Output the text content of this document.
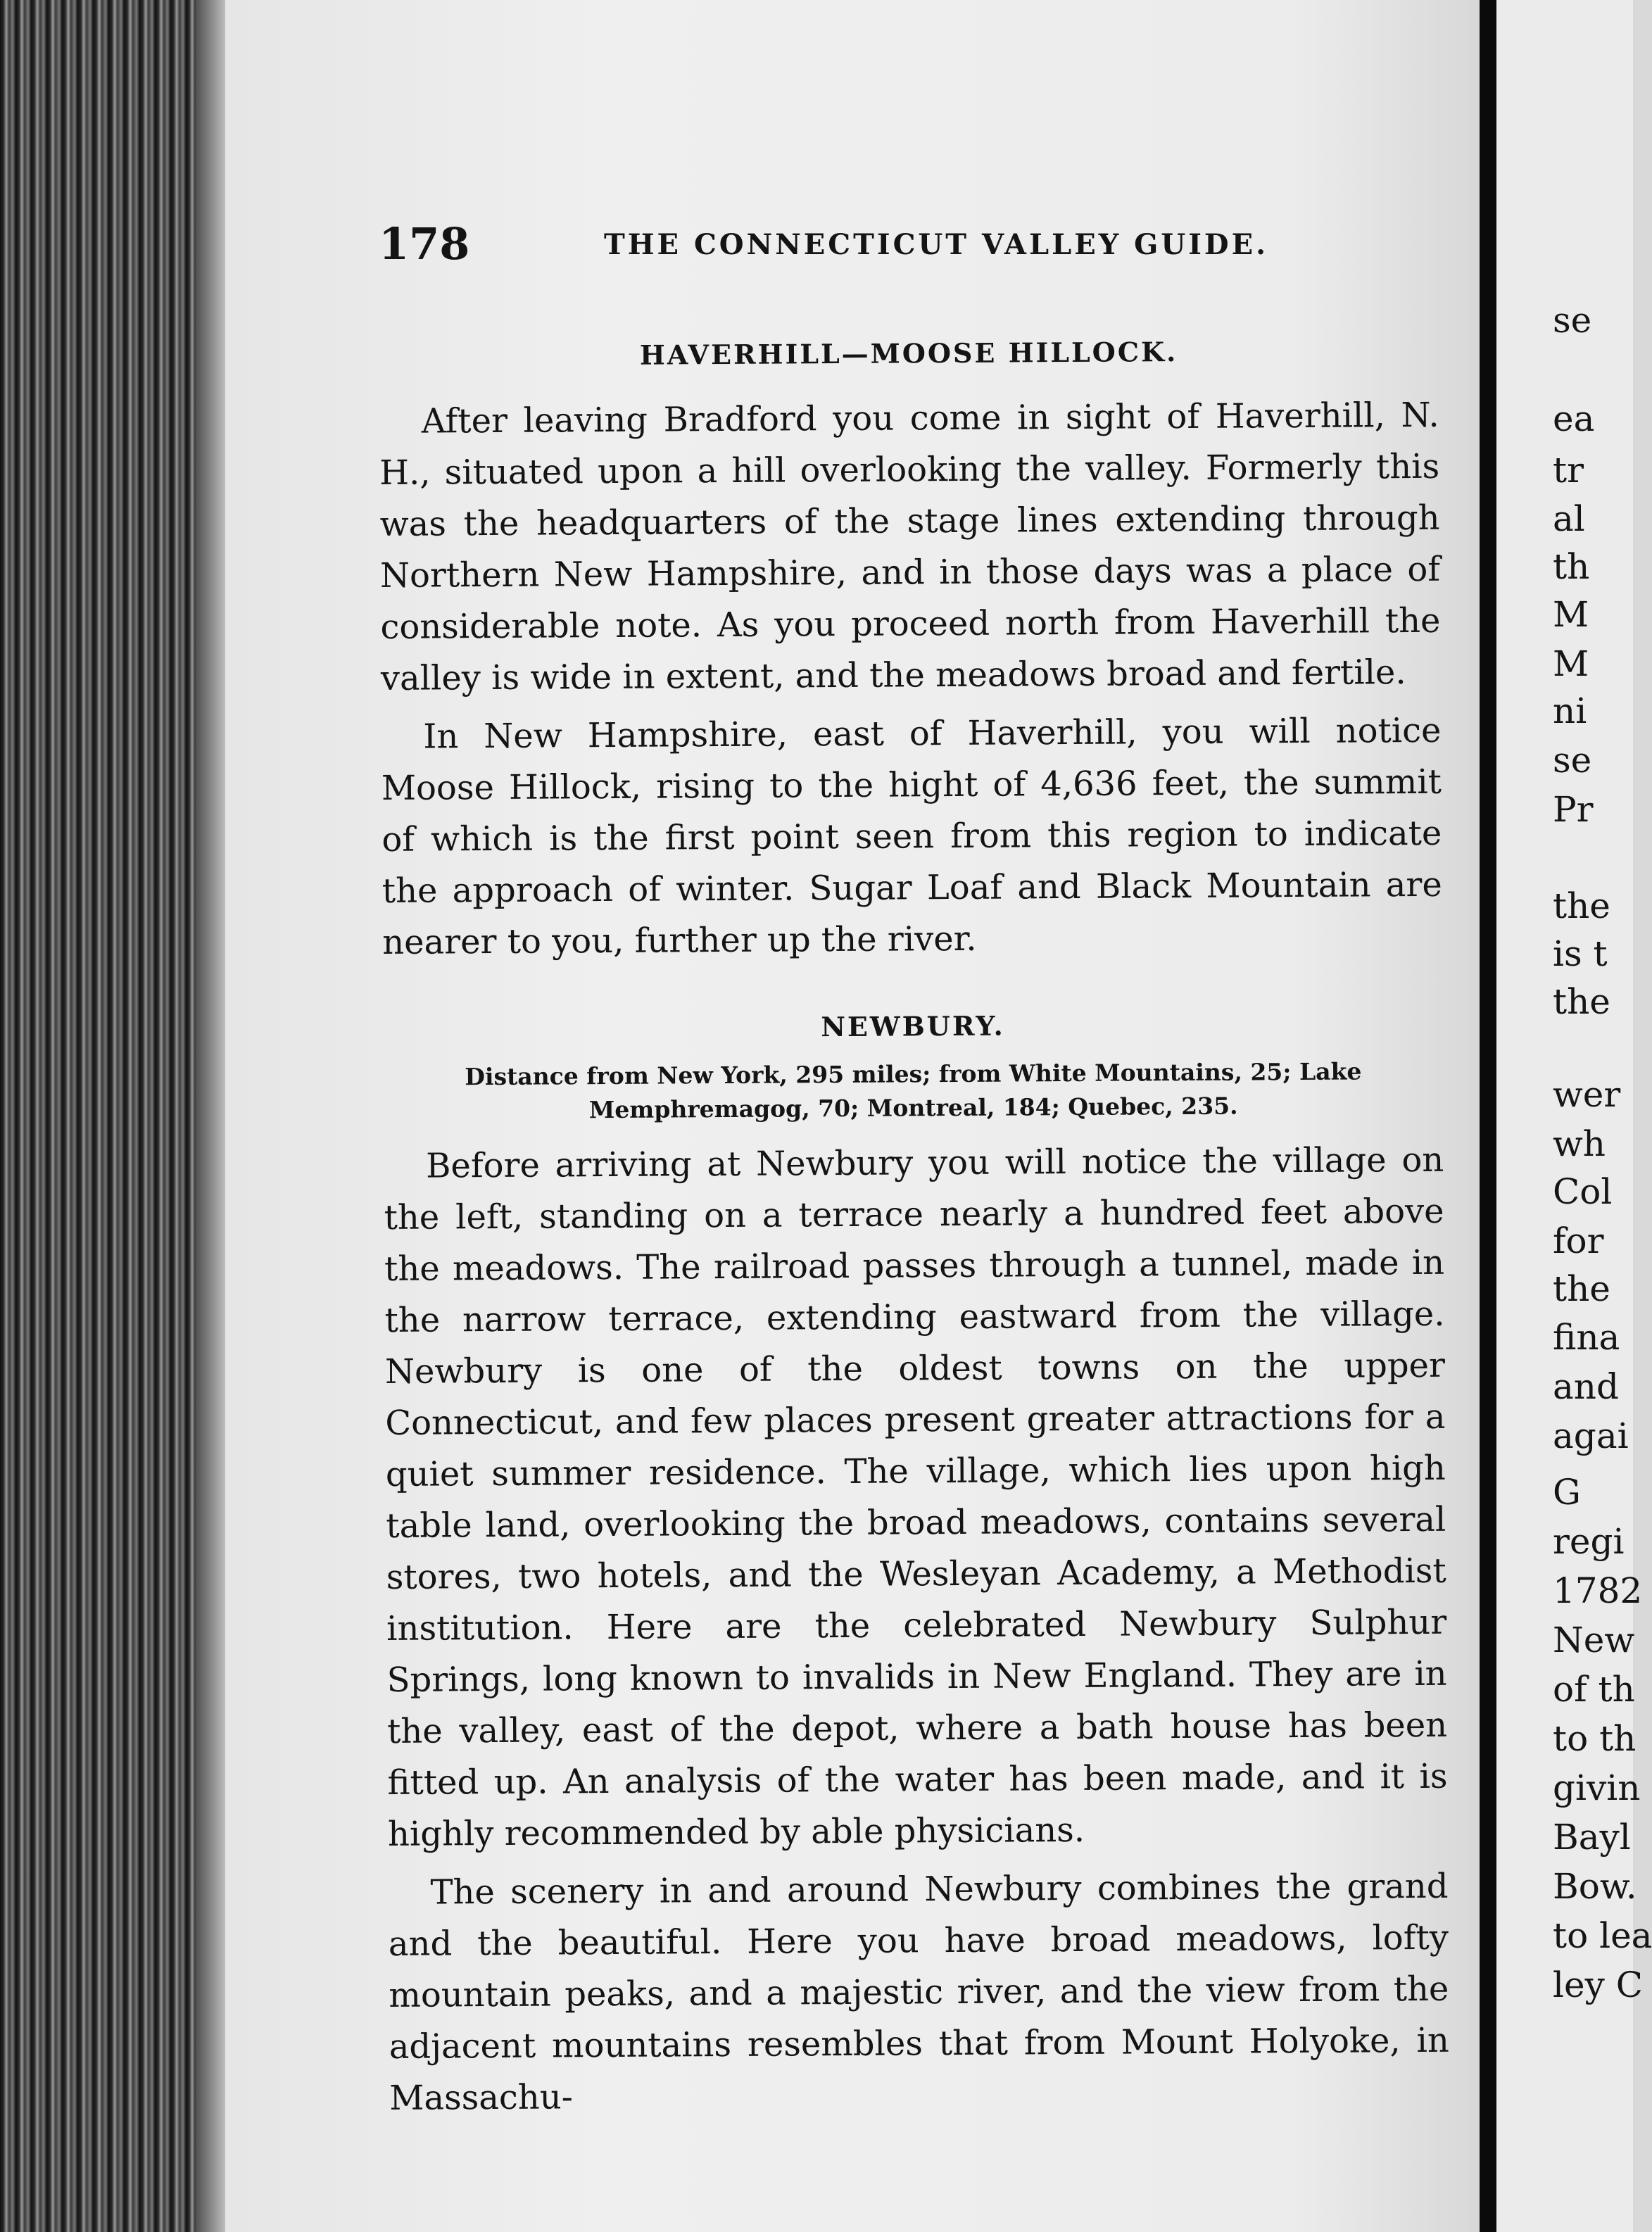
178	THE CONNECTICUT VALLEY GUIDE.
HAVERHILL—MOOSE HILLOCK.

After leaving Bradford you come in sight of Haverhill, N. H., situated upon a hill overlooking the valley. Formerly this was the headquarters of the stage lines extending through Northern New Hampshire, and in those days was a place of considerable note. As you proceed north from Haverhill the valley is wide in extent, and the meadows broad and fertile.

In New Hampshire, east of Haverhill, you will notice Moose Hillock, rising to the hight of 4,636 feet, the summit of which is the first point seen from this region to indicate the approach of winter. Sugar Loaf and Black Mountain are nearer to you, further up the river.

NEWBURY.

Distance from New York, 295 miles; from White Mountains, 25; Lake Memphremagog, 70; Montreal, 184; Quebec, 235.

Before arriving at Newbury you will notice the village on the left, standing on a terrace nearly a hundred feet above the meadows. The railroad passes through a tunnel, made in the narrow terrace, extending eastward from the village. Newbury is one of the oldest towns on the upper Connecticut, and few places present greater attractions for a quiet summer residence. The village, which lies upon high table land, overlooking the broad meadows, contains several stores, two hotels, and the Wesleyan Academy, a Methodist institution. Here are the celebrated Newbury Sulphur Springs, long known to invalids in New England. They are in the valley, east of the depot, where a bath house has been fitted up. An analysis of the water has been made, and it is highly recommended by able physicians.

The scenery in and around Newbury combines the grand and the beautiful. Here you have broad meadows, lofty mountain peaks, and a majestic river, and the view from the adjacent mountains resembles that from Mount Holyoke, in Massachu-

se
ea
tr
al
th
M
M
ni
se
Pr
the
is t
the
wer
wh
Col
for
the
fina
and
agai
G
regi
1782
New
of th
to th
givin
Bayl
Bow.
to lea
ley C
